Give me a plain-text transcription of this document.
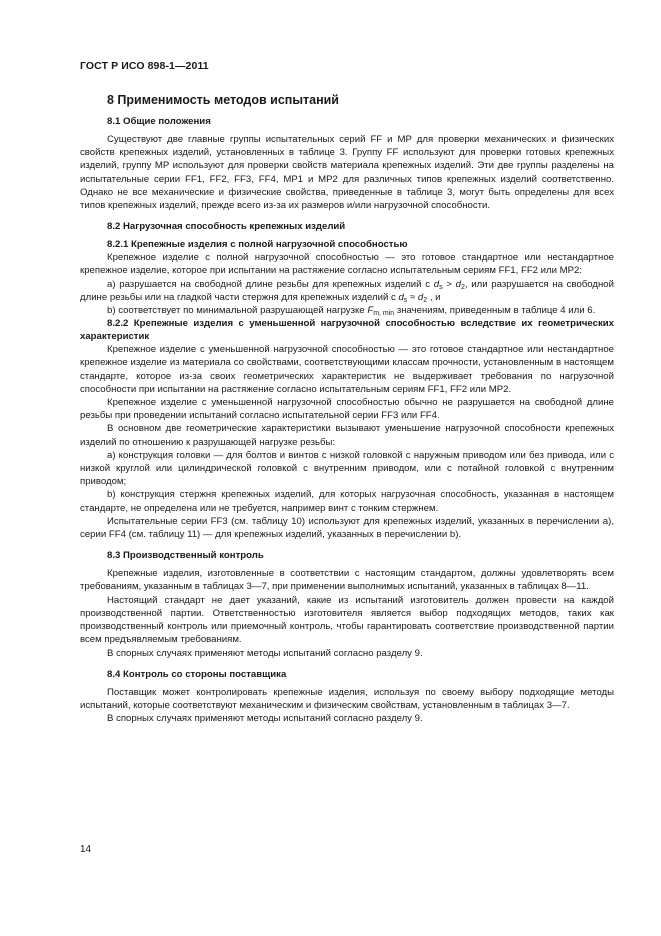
ГОСТ Р ИСО 898-1—2011
8 Применимость методов испытаний
8.1 Общие положения

Существуют две главные группы испытательных серий FF и MP для проверки механических и физических свойств крепежных изделий, установленных в таблице 3. Группу FF используют для проверки готовых крепежных изделий, группу MP используют для проверки свойств материала крепежных изделий. Эти две группы разделены на испытательные серии FF1, FF2, FF3, FF4, MP1 и MP2 для различных типов крепежных изделий соответственно. Однако не все механические и физические свойства, приведенные в таблице 3, могут быть определены для всех типов крепежных изделий, прежде всего из-за их размеров и/или нагрузочной способности.

8.2 Нагрузочная способность крепежных изделий
8.2.1 Крепежные изделия с полной нагрузочной способностью

Крепежное изделие с полной нагрузочной способностью — это готовое стандартное или нестандартное крепежное изделие, которое при испытании на растяжение согласно испытательным сериям FF1, FF2 или MP2:

а) разрушается на свободной длине резьбы для крепежных изделий с $d_s > d_2$, или разрушается на свободной длине резьбы или на гладкой части стержня для крепежных изделий с $d_s \approx d_2$ , и

b) соответствует по минимальной разрушающей нагрузке $F_{m, min}$ значениям, приведенным в таблице 4 или 6.

8.2.2 Крепежные изделия с уменьшенной нагрузочной способностью вследствие их геометрических характеристик

Крепежное изделие с уменьшенной нагрузочной способностью — это готовое стандартное или нестандартное крепежное изделие из материала со свойствами, соответствующими классам прочности, установленным в настоящем стандарте, которое из-за своих геометрических характеристик не выдерживает требования по нагрузочной способности при испытании на растяжение согласно испытательным сериям FF1, FF2 или MP2.

Крепежное изделие с уменьшенной нагрузочной способностью обычно не разрушается на свободной длине резьбы при проведении испытаний согласно испытательной серии FF3 или FF4.

В основном две геометрические характеристики вызывают уменьшение нагрузочной способности крепежных изделий по отношению к разрушающей нагрузке резьбы:

а) конструкция головки — для болтов и винтов с низкой головкой с наружным приводом или без привода, или с низкой круглой или цилиндрической головкой с внутренним приводом, или с потайной головкой с внутренним приводом;

b) конструкция стержня крепежных изделий, для которых нагрузочная способность, указанная в настоящем стандарте, не определена или не требуется, например винт с тонким стержнем.

Испытательные серии FF3 (см. таблицу 10) используют для крепежных изделий, указанных в перечислении а), серии FF4 (см. таблицу 11) — для крепежных изделий, указанных в перечислении b).

8.3 Производственный контроль

Крепежные изделия, изготовленные в соответствии с настоящим стандартом, должны удовлетворять всем требованиям, указанным в таблицах 3—7, при применении выполнимых испытаний, указанных в таблицах 8—11.

Настоящий стандарт не дает указаний, какие из испытаний изготовитель должен провести на каждой производственной партии. Ответственностью изготовителя является выбор подходящих методов, таких как производственный контроль или приемочный контроль, чтобы гарантировать соответствие производственной партии всем предъявляемым требованиям.

В спорных случаях применяют методы испытаний согласно разделу 9.

8.4 Контроль со стороны поставщика

Поставщик может контролировать крепежные изделия, используя по своему выбору подходящие методы испытаний, которые соответствуют механическим и физическим свойствам, установленным в таблицах 3—7.

В спорных случаях применяют методы испытаний согласно разделу 9.

14
